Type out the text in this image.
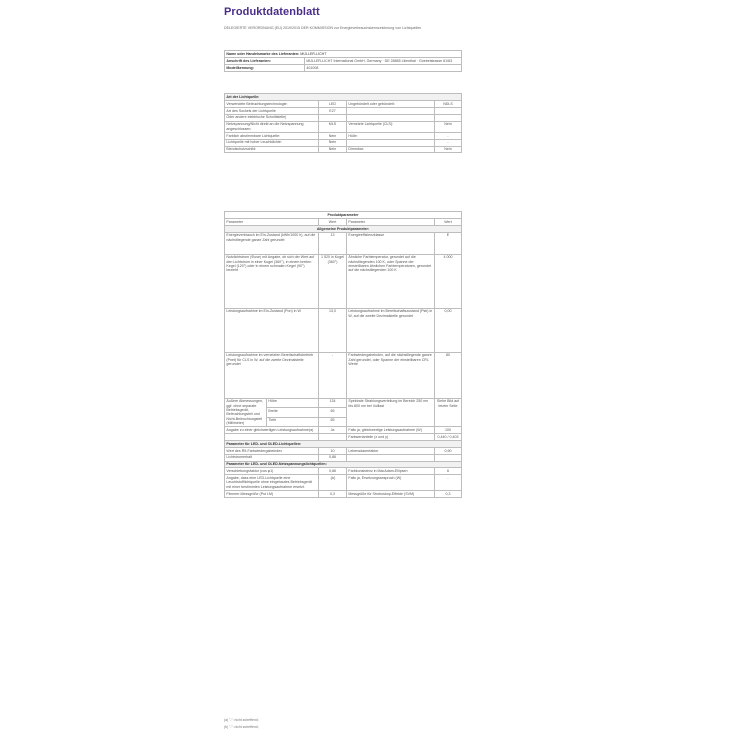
Produktdatenblatt
DELEGIERTE VERORDNUNG (EU) 2019/2015 DER KOMMISSION zur Energieverbrauchskennzeichnung von Lichtquellen
Name oder Handelsmarke des Lieferanten: MÜLLER-LICHT	
Anschrift des Lieferanten:	MÜLLER-LICHT International GmbH, Germany · DE 28865 Lilienthal · Goebelstrasse 61/63
Modellkennung:	401008
Art der Lichtquelle:			
Verwendete Beleuchtungstechnologie:	LED	Ungebündelt oder gebündelt:	NDLS
Art des Sockels der Lichtquelle	E27		
Oder andere elektrische Schnittstelle)			
Netzspannung/Nicht direkt an die Netzspannung angeschlossen:	MLS	Vernetzte Lichtquelle (CLS):	Nein
Farblich abstimmbare Lichtquelle:	Nein	Hülle:	-
Lichtquelle mit hoher Leuchtdichte:	Nein		-
Blendschutzschild:	Nein	Dimmbar:	Nein
Produktparameter				
Parameter		Wert	Parameter	Wert
Allgemeine Produktparameter:				
Energieverbrauch im Ein-Zustand (kWh/1000 h), auf die nächstliegende ganze Zahl gerundet		13	Energieeffizienzklasse	E
Nutzlichtstrom (Φuse) mit Angabe, ob sich der Wert auf den Lichtstrom in einer Kugel (360°), in einem breiten Kegel (120°) oder in einem schmalen Kegel (90°) bezieht		1 520 in Kugel (360°)	Ähnliche Farbtemperatur, gerundet auf die nächstliegenden 100 K, oder Spanne der einstellbaren ähnlichen Farbtemperaturen, gerundet auf die nächstliegenden 100 K	4 000
Leistungsaufnahme im Ein-Zustand (Pon) in W		13,0	Leistungsaufnahme im Bereitschaftszustand (Psb) in W, auf die zweite Dezimalstelle gerundet	0,00
Leistungsaufnahme im vernetzten Bereitschaftsbetrieb (Pnet) für CLS in W, auf die zweite Dezimalstelle gerundet		-	Farbwiedergabeindex, auf die nächstliegende ganze Zahl gerundet, oder Spanne der einstellbaren CRI-Werte	80
Äußere Abmessungen, ggf. ohne separate Betriebsgerät, Beleuchtungsteil und Nicht-Beleuchtungsteil (Millimeter)	Höhe	134	Spektrale Strahlungsverteilung im Bereich 250 nm bis 800 nm bei Volllast	Siehe Bild auf letzter Seite
	Breite	65		
	Tiefe	65		
Angabe zu einer gleichwertigen Leistungsaufnahme(a)		Ja	Falls ja, gleichwertige Leistungsaufnahme (W)	100
			Farbwertanteile (x und y)	0,440 / 0,403
Parameter für LED- und OLED-Lichtquellen:				
Wert des R9-Farbwiedergabeindex		10	Lebensdauerfaktor	0,90
Lichtstromerhalt		0,86		
Parameter für LED- und OLED-Netzspannungslichtquellen:				
Verschiebungsfaktor (cos φ1)		0,86	Farbkonsistenz in MacAdam-Ellipsen	6
Angabe, dass eine LED-Lichtquelle eine Leuchtstofflichtquelle ohne eingebautes Betriebsgerät mit einer bestimmten Leistungsaufnahme ersetzt.		-(b)	Falls ja, Ersetzungsanspruch (W)	-
Flimmer-Messgröße (Pst LM)		0,3	Messgröße für Stroboskop-Effekte (SVM)	0,3
(a) "-": nicht zutreffend;
(b) "-": nicht zutreffend;
